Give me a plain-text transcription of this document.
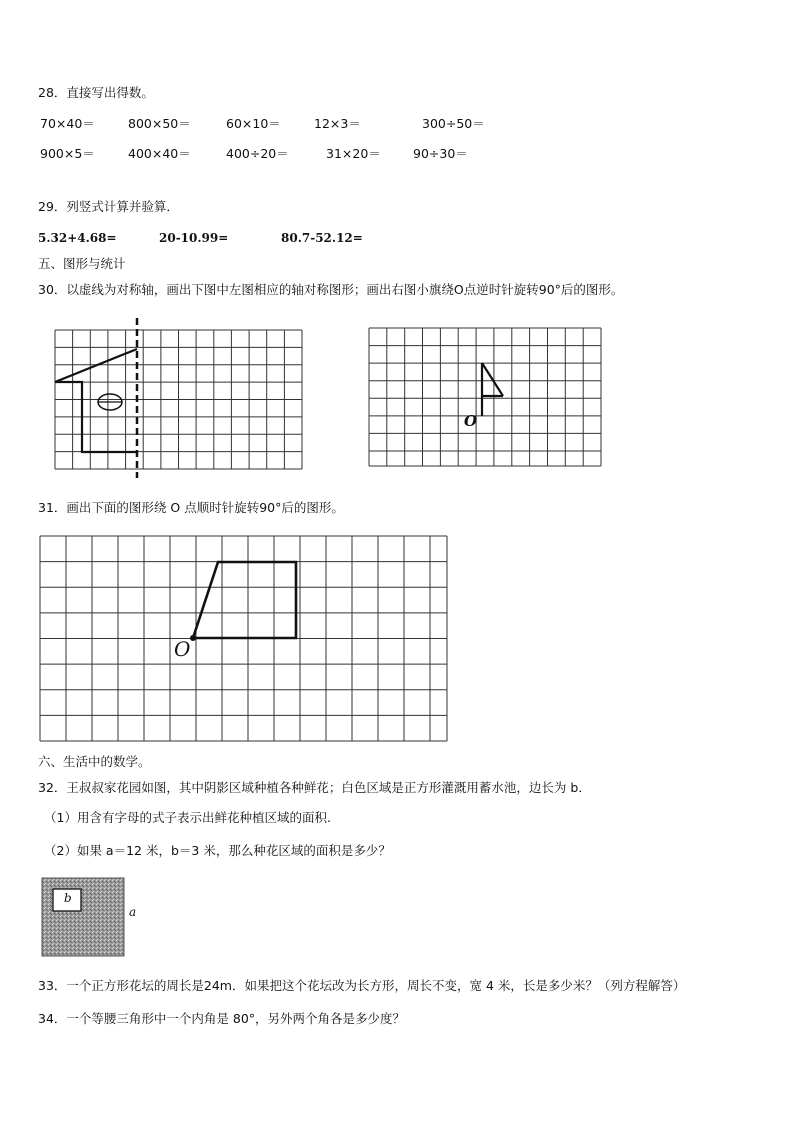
28．直接写出得数。
70×40＝	800×50＝	60×10＝	12×3＝	300÷50＝
900×5＝	400×40＝	400÷20＝	31×20＝	90÷30＝
29．列竖式计算并验算．
5.32+4.68=	20-10.99=	80.7-52.12=
五、图形与统计
30．以虚线为对称轴，画出下图中左图相应的轴对称图形；画出右图小旗绕O点逆时针旋转90°后的图形。
O
31．画出下面的图形绕 O 点顺时针旋转90°后的图形。
O
六、生活中的数学。
32．王叔叔家花园如图，其中阴影区域种植各种鲜花；白色区域是正方形灌溉用蓄水池，边长为 b．
（1）用含有字母的式子表示出鲜花种植区域的面积.
（2）如果 a＝12 米，b＝3 米，那么种花区域的面积是多少？
b
a
33．一个正方形花坛的周长是24m．如果把这个花坛改为长方形，周长不变，宽 4 米，长是多少米？（列方程解答）
34．一个等腰三角形中一个内角是 80°，另外两个角各是多少度？
